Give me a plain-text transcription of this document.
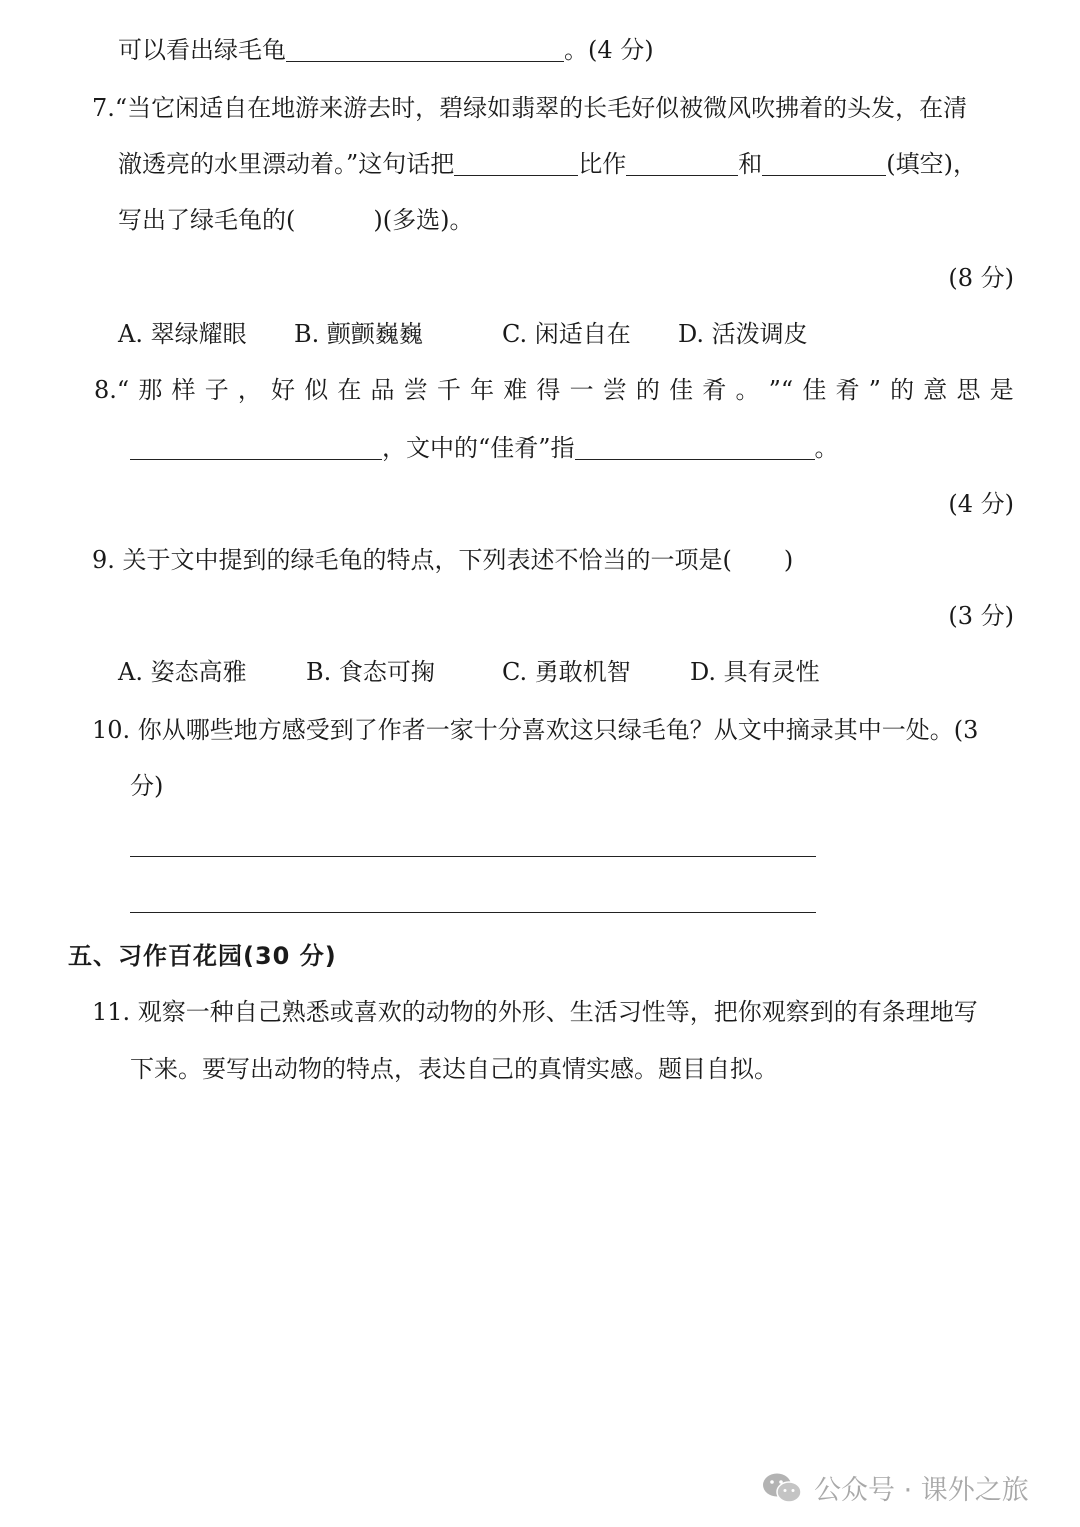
可以看出绿毛龟	。(4 分)
7.“当它闲适自在地游来游去时，碧绿如翡翠的长毛好似被微风吹拂着的头发，在清
澈透亮的水里漂动着。”这句话把	比作	和	(填空)，
写出了绿毛龟的(	)(多选)。
(8 分)
A. 翠绿耀眼 B. 颤颤巍巍	C. 闲适自在 D. 活泼调皮
8.“ 那 样 子 ， 好 似 在 品 尝 千 年 难 得 一 尝 的 佳 肴 。 ”“ 佳 肴 ” 的 意 思 是
，文中的“佳肴”指	。
(4 分)
9. 关于文中提到的绿毛龟的特点，下列表述不恰当的一项是( )
(3 分)
A. 姿态高雅 B. 食态可掬	C. 勇敢机智 D. 具有灵性
10. 你从哪些地方感受到了作者一家十分喜欢这只绿毛龟？从文中摘录其中一处。(3
分)
五、习作百花园(30 分)
11. 观察一种自己熟悉或喜欢的动物的外形、生活习性等，把你观察到的有条理地写
下来。要写出动物的特点，表达自己的真情实感。题目自拟。
公众号 · 课外之旅
